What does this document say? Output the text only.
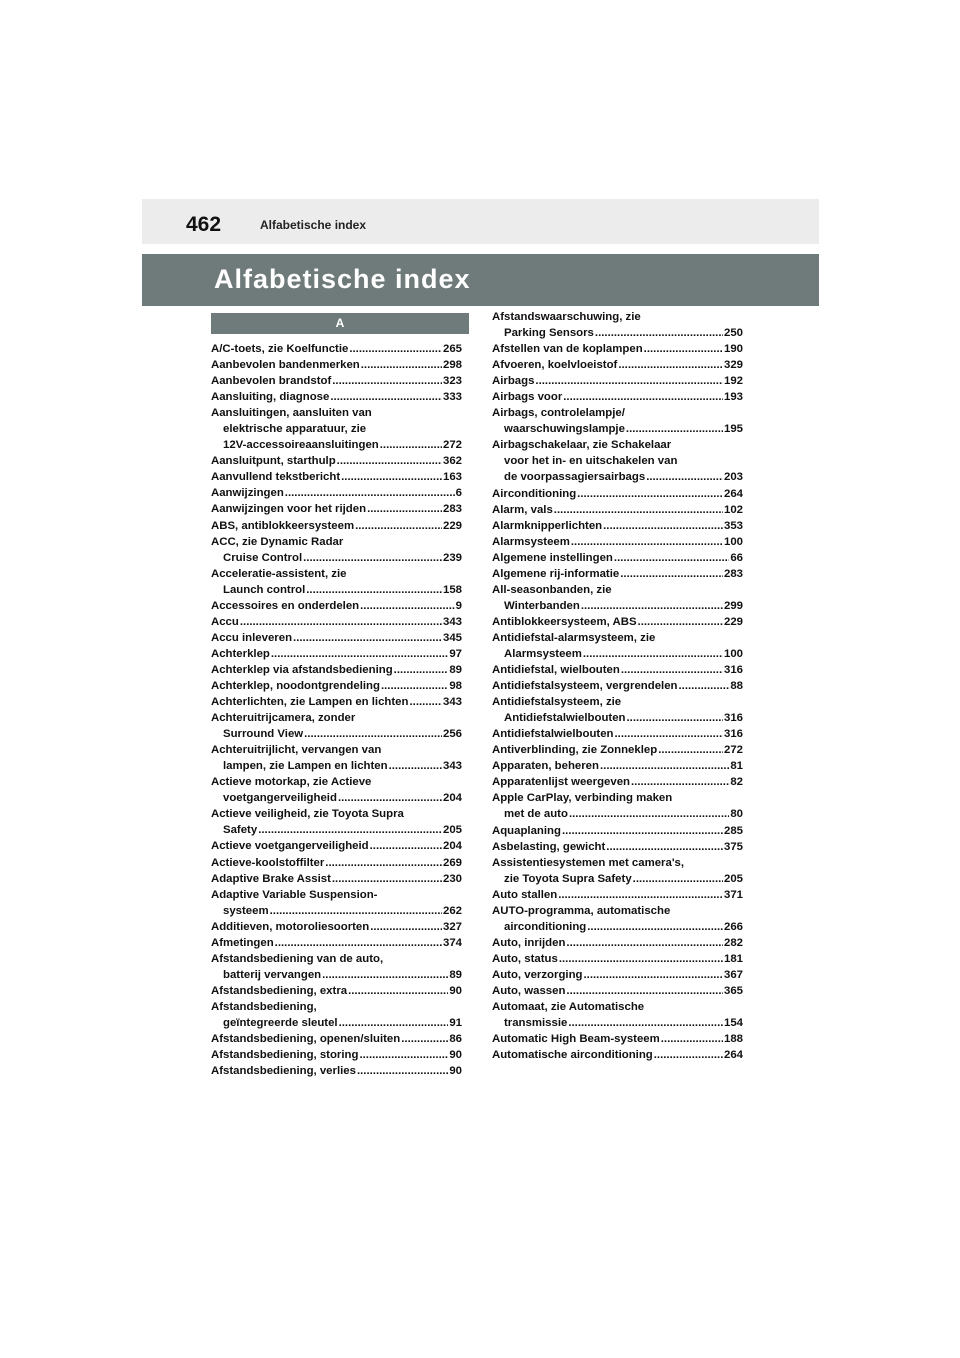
462	Alfabetische index
Alfabetische index
A
A/C-toets, zie Koelfunctie .....	265
Aanbevolen bandenmerken .....	298
Aanbevolen brandstof .....	323
Aansluiting, diagnose .....	333
Aansluitingen, aansluiten van
elektrische apparatuur, zie
12V-accessoireaansluitingen .....	272
Aansluitpunt, starthulp .....	362
Aanvullend tekstbericht .....	163
Aanwijzingen .....	6
Aanwijzingen voor het rijden .....	283
ABS, antiblokkeersysteem .....	229
ACC, zie Dynamic Radar
Cruise Control .....	239
Acceleratie-assistent, zie
Launch control .....	158
Accessoires en onderdelen .....	9
Accu .....	343
Accu inleveren .....	345
Achterklep .....	97
Achterklep via afstandsbediening .....	89
Achterklep, noodontgrendeling .....	98
Achterlichten, zie Lampen en lichten .....	343
Achteruitrijcamera, zonder
Surround View .....	256
Achteruitrijlicht, vervangen van
lampen, zie Lampen en lichten .....	343
Actieve motorkap, zie Actieve
voetgangerveiligheid .....	204
Actieve veiligheid, zie Toyota Supra
Safety .....	205
Actieve voetgangerveiligheid .....	204
Actieve-koolstoffilter .....	269
Adaptive Brake Assist .....	230
Adaptive Variable Suspension-
systeem .....	262
Additieven, motoroliesoorten .....	327
Afmetingen .....	374
Afstandsbediening van de auto,
batterij vervangen .....	89
Afstandsbediening, extra .....	90
Afstandsbediening,
geïntegreerde sleutel .....	91
Afstandsbediening, openen/sluiten .....	86
Afstandsbediening, storing .....	90
Afstandsbediening, verlies .....	90
Afstandswaarschuwing, zie
Parking Sensors .....	250
Afstellen van de koplampen .....	190
Afvoeren, koelvloeistof .....	329
Airbags .....	192
Airbags voor .....	193
Airbags, controlelampje/
waarschuwingslampje .....	195
Airbagschakelaar, zie Schakelaar
voor het in- en uitschakelen van
de voorpassagiersairbags .....	203
Airconditioning .....	264
Alarm, vals .....	102
Alarmknipperlichten .....	353
Alarmsysteem .....	100
Algemene instellingen .....	66
Algemene rij-informatie .....	283
All-seasonbanden, zie
Winterbanden .....	299
Antiblokkeersysteem, ABS .....	229
Antidiefstal-alarmsysteem, zie
Alarmsysteem .....	100
Antidiefstal, wielbouten .....	316
Antidiefstalsysteem, vergrendelen .....	88
Antidiefstalsysteem, zie
Antidiefstalwielbouten .....	316
Antidiefstalwielbouten .....	316
Antiverblinding, zie Zonneklep .....	272
Apparaten, beheren .....	81
Apparatenlijst weergeven .....	82
Apple CarPlay, verbinding maken
met de auto .....	80
Aquaplaning .....	285
Asbelasting, gewicht .....	375
Assistentiesystemen met camera's,
zie Toyota Supra Safety .....	205
Auto stallen .....	371
AUTO-programma, automatische
airconditioning .....	266
Auto, inrijden .....	282
Auto, status .....	181
Auto, verzorging .....	367
Auto, wassen .....	365
Automaat, zie Automatische
transmissie .....	154
Automatic High Beam-systeem .....	188
Automatische airconditioning .....	264
